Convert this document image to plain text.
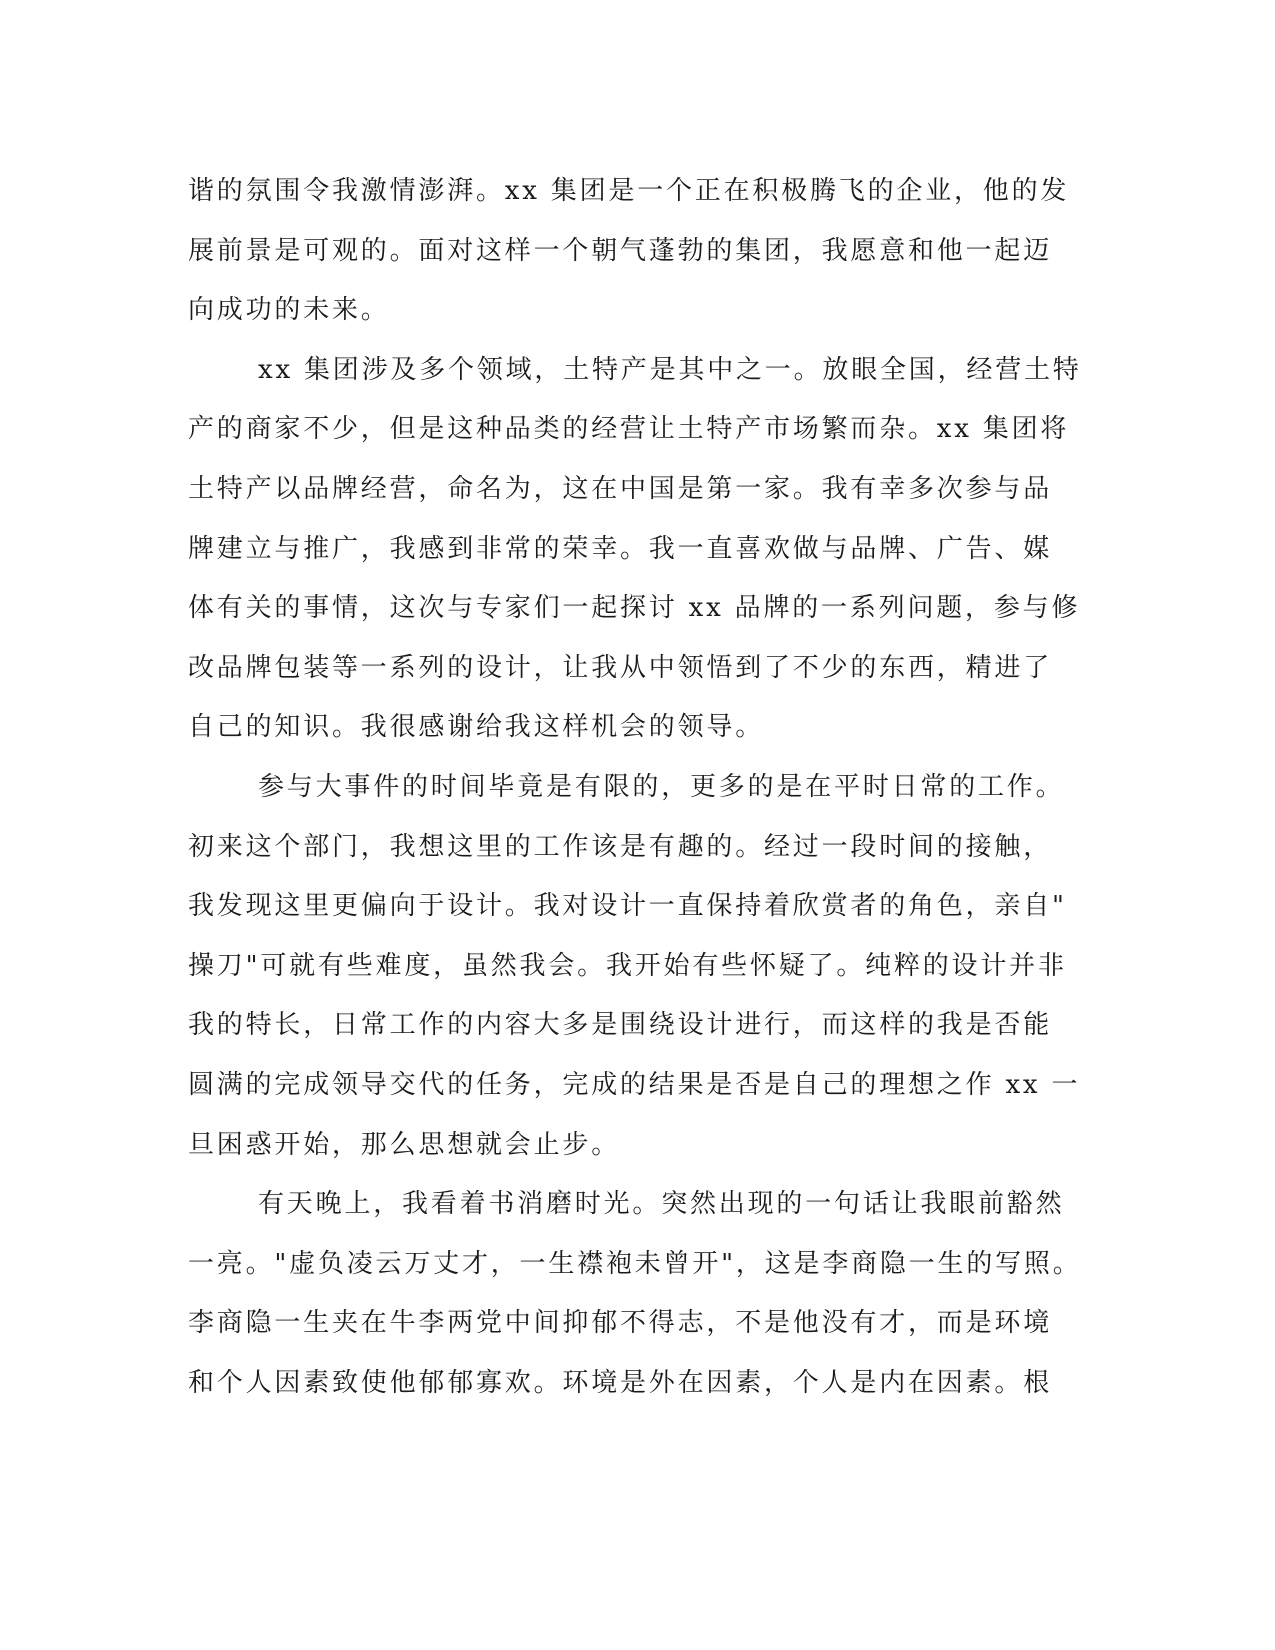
谐的氛围令我激情澎湃。xx 集团是一个正在积极腾飞的企业，他的发
展前景是可观的。面对这样一个朝气蓬勃的集团，我愿意和他一起迈
向成功的未来。
xx 集团涉及多个领域，土特产是其中之一。放眼全国，经营土特
产的商家不少，但是这种品类的经营让土特产市场繁而杂。xx 集团将
土特产以品牌经营，命名为，这在中国是第一家。我有幸多次参与品
牌建立与推广，我感到非常的荣幸。我一直喜欢做与品牌、广告、媒
体有关的事情，这次与专家们一起探讨 xx 品牌的一系列问题，参与修
改品牌包装等一系列的设计，让我从中领悟到了不少的东西，精进了
自己的知识。我很感谢给我这样机会的领导。
参与大事件的时间毕竟是有限的，更多的是在平时日常的工作。
初来这个部门，我想这里的工作该是有趣的。经过一段时间的接触，
我发现这里更偏向于设计。我对设计一直保持着欣赏者的角色，亲自"
操刀"可就有些难度，虽然我会。我开始有些怀疑了。纯粹的设计并非
我的特长，日常工作的内容大多是围绕设计进行，而这样的我是否能
圆满的完成领导交代的任务，完成的结果是否是自己的理想之作 xx 一
旦困惑开始，那么思想就会止步。
有天晚上，我看着书消磨时光。突然出现的一句话让我眼前豁然
一亮。"虚负凌云万丈才，一生襟袍未曾开"，这是李商隐一生的写照。
李商隐一生夹在牛李两党中间抑郁不得志，不是他没有才，而是环境
和个人因素致使他郁郁寡欢。环境是外在因素，个人是内在因素。根
